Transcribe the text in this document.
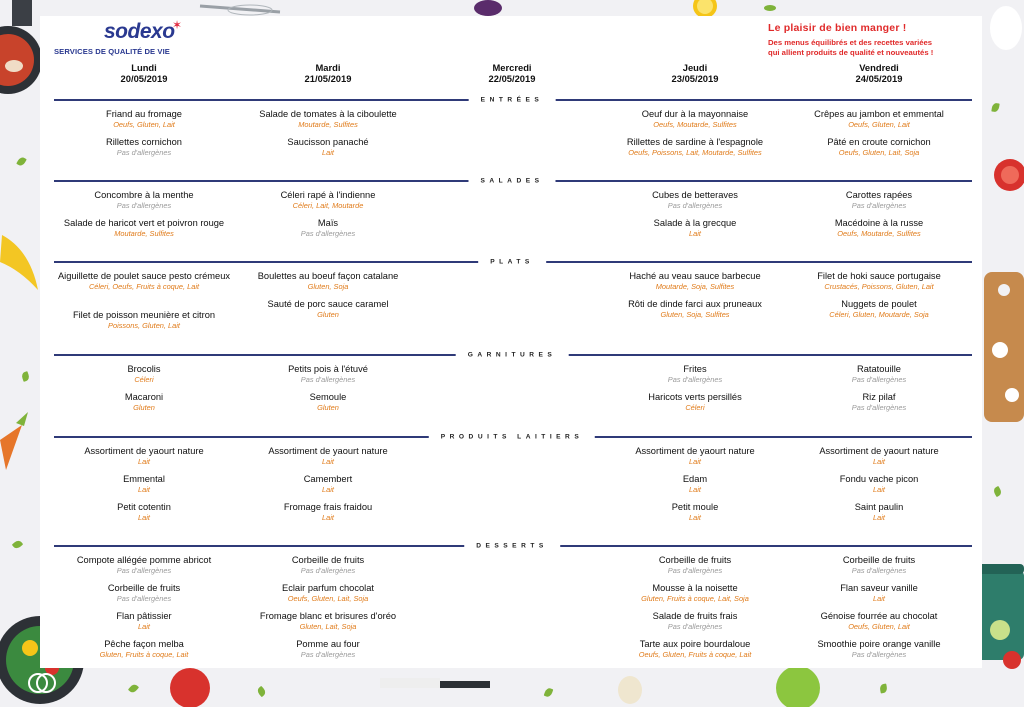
sodexo
✶
SERVICES DE QUALITÉ DE VIE
Le plaisir de bien manger !
Des menus équilibrés et des recettes variées
qui allient produits de qualité et nouveautés !
Lundi
20/05/2019
Mardi
21/05/2019
Mercredi
22/05/2019
Jeudi
23/05/2019
Vendredi
24/05/2019
ENTRÉES
Friand au fromage
Oeufs, Gluten, Lait
Rillettes cornichon
Pas d'allergènes
Salade de tomates à la ciboulette
Moutarde, Sulfites
Saucisson panaché
Lait
Oeuf dur à la mayonnaise
Oeufs, Moutarde, Sulfites
Rillettes de sardine à l'espagnole
Oeufs, Poissons, Lait, Moutarde, Sulfites
Crêpes au jambon et emmental
Oeufs, Gluten, Lait
Pâté en croute cornichon
Oeufs, Gluten, Lait, Soja
SALADES
Concombre à la menthe
Pas d'allergènes
Salade de haricot vert et poivron rouge
Moutarde, Sulfites
Céleri rapé à l'indienne
Céleri, Lait, Moutarde
Maïs
Pas d'allergènes
Cubes de betteraves
Pas d'allergènes
Salade à la grecque
Lait
Carottes rapées
Pas d'allergènes
Macédoine à la russe
Oeufs, Moutarde, Sulfites
PLATS
Aiguillette de poulet sauce pesto crémeux
Céleri, Oeufs, Fruits à coque, Lait
Filet de poisson meunière et citron
Poissons, Gluten, Lait
Boulettes au boeuf façon catalane
Gluten, Soja
Sauté de porc sauce caramel
Gluten
Haché au veau sauce barbecue
Moutarde, Soja, Sulfites
Rôti de dinde farci aux pruneaux
Gluten, Soja, Sulfites
Filet de hoki sauce portugaise
Crustacés, Poissons, Gluten, Lait
Nuggets de poulet
Céleri, Gluten, Moutarde, Soja
GARNITURES
Brocolis
Céleri
Macaroni
Gluten
Petits pois à l'étuvé
Pas d'allergènes
Semoule
Gluten
Frites
Pas d'allergènes
Haricots verts persillés
Céleri
Ratatouille
Pas d'allergènes
Riz pilaf
Pas d'allergènes
PRODUITS LAITIERS
Assortiment de yaourt nature
Lait
Emmental
Lait
Petit cotentin
Lait
Assortiment de yaourt nature
Lait
Camembert
Lait
Fromage frais fraidou
Lait
Assortiment de yaourt nature
Lait
Edam
Lait
Petit moule
Lait
Assortiment de yaourt nature
Lait
Fondu vache picon
Lait
Saint paulin
Lait
DESSERTS
Compote allégée pomme abricot
Pas d'allergènes
Corbeille de fruits
Pas d'allergènes
Flan pâtissier
Lait
Pêche façon melba
Gluten, Fruits à coque, Lait
Corbeille de fruits
Pas d'allergènes
Eclair parfum chocolat
Oeufs, Gluten, Lait, Soja
Fromage blanc et brisures d'oréo
Gluten, Lait, Soja
Pomme au four
Pas d'allergènes
Corbeille de fruits
Pas d'allergènes
Mousse à la noisette
Gluten, Fruits à coque, Lait, Soja
Salade de fruits frais
Pas d'allergènes
Tarte aux poire bourdaloue
Oeufs, Gluten, Fruits à coque, Lait
Corbeille de fruits
Pas d'allergènes
Flan saveur vanille
Lait
Génoise fourrée au chocolat
Oeufs, Gluten, Lait
Smoothie poire orange vanille
Pas d'allergènes
